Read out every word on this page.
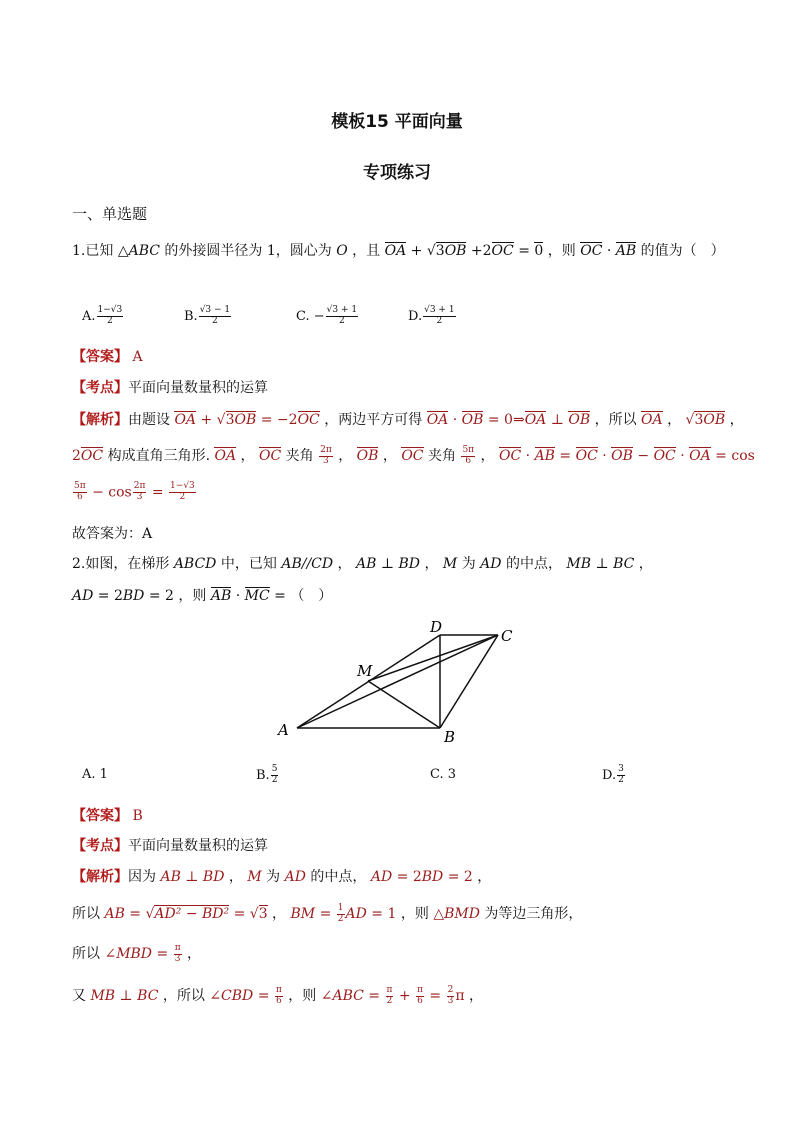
模板15 平面向量
专项练习
一、单选题
1.已知 △ABC 的外接圆半径为 1，圆心为 O ，且 OA + √3OB +2OC = 0 ，则 OC · AB 的值为（　）
A. $\frac{1-√3}{2}$	B. $\frac{√3 - 1}{2}$	C. − $\frac{√3 + 1}{2}$	D. $\frac{√3 + 1}{2}$
【答案】 A
【考点】平面向量数量积的运算
【解析】由题设 OA + √3OB = −2OC ，两边平方可得 OA · OB = 0⇒OA ⊥ OB ，所以 OA ， √3OB ，
2OC 构成直角三角形. OA ， OC 夹角 $\frac{2\pi}{3}$ ， OB ， OC 夹角 $\frac{5\pi}{6}$ ， OC · AB = OC · OB − OC · OA = cos
$\frac{5\pi}{6} - \cos \frac{2\pi}{3} = \frac{1-√3}{2}$
故答案为：A
2.如图，在梯形 ABCD 中，已知 AB//CD ， AB ⊥ BD ， M 为 AD 的中点， MB ⊥ BC ，
AD = 2BD = 2 ，则 AB · MC = （　）
D	C
M
A	B
A. 1	B. $\frac{5}{2}$	C. 3	D. $\frac{3}{2}$
【答案】 B
【考点】平面向量数量积的运算
【解析】因为 AB ⊥ BD ， M 为 AD 的中点， AD = 2BD = 2 ，
所以 AB = √AD² − BD² = √3 ， BM = $\frac{1}{2}$ AD = 1 ，则 △BMD 为等边三角形，
所以 ∠MBD = $\frac{\pi}{3}$ ，
又 MB ⊥ BC ，所以 ∠CBD = $\frac{\pi}{6}$ ，则 ∠ABC = $\frac{\pi}{2} + \frac{\pi}{6} = \frac{2}{3}$ π ，
